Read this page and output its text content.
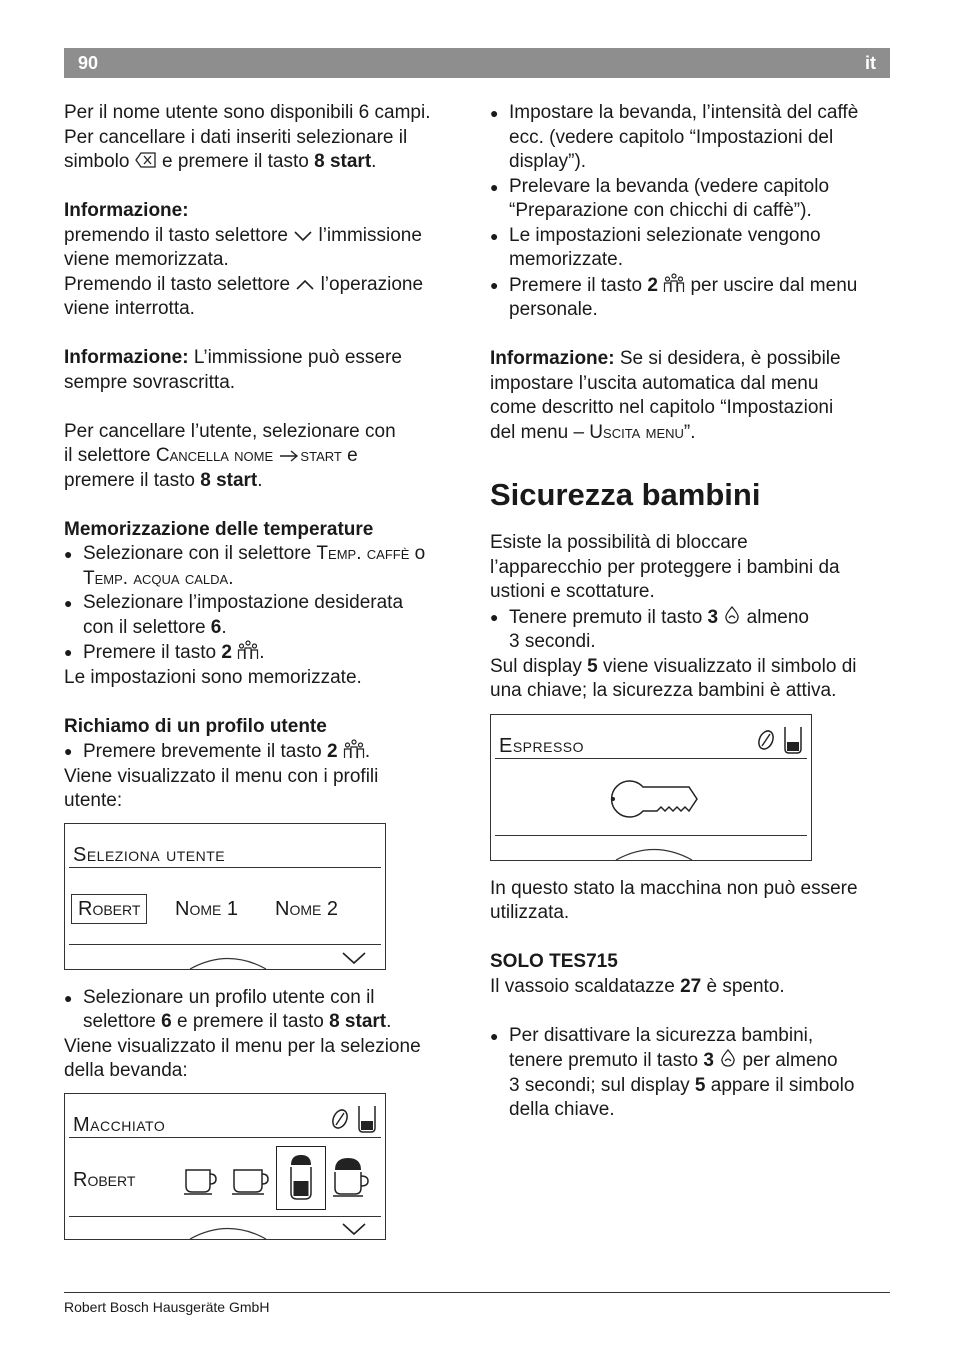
90	it

Per il nome utente sono disponibili 6 campi.
Per cancellare i dati inseriti selezionare il
simbolo e premere il tasto 8 start.

Informazione:
premendo il tasto selettore l’immissione
viene memorizzata.
Premendo il tasto selettore l’operazione
viene interrotta.

Informazione: L’immissione può essere
sempre sovrascritta.

Per cancellare l’utente, selezionare con
il selettore Cancella nome start e
premere il tasto 8 start.

Memorizzazione delle temperature

● Selezionare con il selettore Temp. caffè o
Temp. acqua calda.

● Selezionare l’impostazione desiderata
con il selettore 6.

● Premere il tasto 2 .

Le impostazioni sono memorizzate.

Richiamo di un profilo utente

● Premere brevemente il tasto 2 .

Viene visualizzato il menu con i profili
utente:

Seleziona utente
Robert	Nome 1 Nome 2

● Selezionare un profilo utente con il
selettore 6 e premere il tasto 8 start.

Viene visualizzato il menu per la selezione
della bevanda:

Macchiato
Robert

● Impostare la bevanda, l’intensità del caffè
ecc. (vedere capitolo “Impostazioni del
display”).

● Prelevare la bevanda (vedere capitolo
“Preparazione con chicchi di caffè”).

● Le impostazioni selezionate vengono
memorizzate.

● Premere il tasto 2  per uscire dal menu
personale.

Informazione: Se si desidera, è possibile
impostare l’uscita automatica dal menu
come descritto nel capitolo “Impostazioni
del menu – Uscita menu”.

Sicurezza bambini

Esiste la possibilità di bloccare
l’apparecchio per proteggere i bambini da
ustioni e scottature.

● Tenere premuto il tasto 3  almeno
3 secondi.

Sul display 5 viene visualizzato il simbolo di
una chiave; la sicurezza bambini è attiva.

Espresso

In questo stato la macchina non può essere
utilizzata.

SOLO TES715
Il vassoio scaldatazze 27 è spento.

● Per disattivare la sicurezza bambini,
tenere premuto il tasto 3  per almeno
3 secondi; sul display 5 appare il simbolo
della chiave.

Robert Bosch Hausgeräte GmbH
